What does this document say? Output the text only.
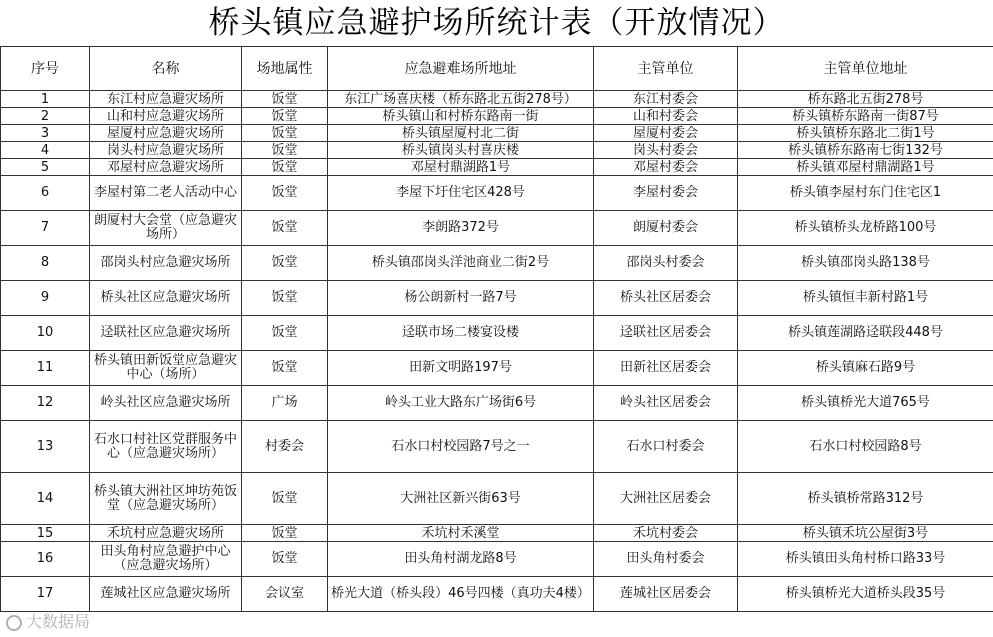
桥头镇应急避护场所统计表（开放情况）
序号	名称	场地属性	应急避难场所地址	主管单位	主管单位地址
1	东江村应急避灾场所	饭堂	东江广场喜庆楼（桥东路北五街278号）	东江村委会	桥东路北五街278号
2	山和村应急避灾场所	饭堂	桥头镇山和村桥东路南一街	山和村委会	桥头镇桥东路南一街87号
3	屋厦村应急避灾场所	饭堂	桥头镇屋厦村北二街	屋厦村委会	桥头镇桥东路北二街1号
4	岗头村应急避灾场所	饭堂	桥头镇岗头村喜庆楼	岗头村委会	桥头镇桥东路南七街132号
5	邓屋村应急避灾场所	饭堂	邓屋村鼎湖路1号	邓屋村委会	桥头镇邓屋村鼎湖路1号
6	李屋村第二老人活动中心	饭堂	李屋下圩住宅区428号	李屋村委会	桥头镇李屋村东门住宅区1
7	朗厦村大会堂（应急避灾场所）	饭堂	李朗路372号	朗厦村委会	桥头镇桥头龙桥路100号
8	邵岗头村应急避灾场所	饭堂	桥头镇邵岗头洋池商业二街2号	邵岗头村委会	桥头镇邵岗头路138号
9	桥头社区应急避灾场所	饭堂	杨公朗新村一路7号	桥头社区居委会	桥头镇恒丰新村路1号
10	迳联社区应急避灾场所	饭堂	迳联市场二楼宴设楼	迳联社区居委会	桥头镇莲湖路迳联段448号
11	桥头镇田新饭堂应急避灾中心（场所）	饭堂	田新文明路197号	田新社区居委会	桥头镇麻石路9号
12	岭头社区应急避灾场所	广场	岭头工业大路东广场街6号	岭头社区居委会	桥头镇桥光大道765号
13	石水口村社区党群服务中心（应急避灾场所）	村委会	石水口村校园路7号之一	石水口村委会	石水口村校园路8号
14	桥头镇大洲社区坤坊苑饭堂（应急避灾场所）	饭堂	大洲社区新兴街63号	大洲社区居委会	桥头镇桥常路312号
15	禾坑村应急避灾场所	饭堂	禾坑村禾溪堂	禾坑村委会	桥头镇禾坑公屋街3号
16	田头角村应急避护中心（应急避灾场所）	饭堂	田头角村湖龙路8号	田头角村委会	桥头镇田头角村桥口路33号
17	莲城社区应急避灾场所	会议室	桥光大道（桥头段）46号四楼（真功夫4楼）	莲城社区居委会	桥头镇桥光大道桥头段35号
大数据局
